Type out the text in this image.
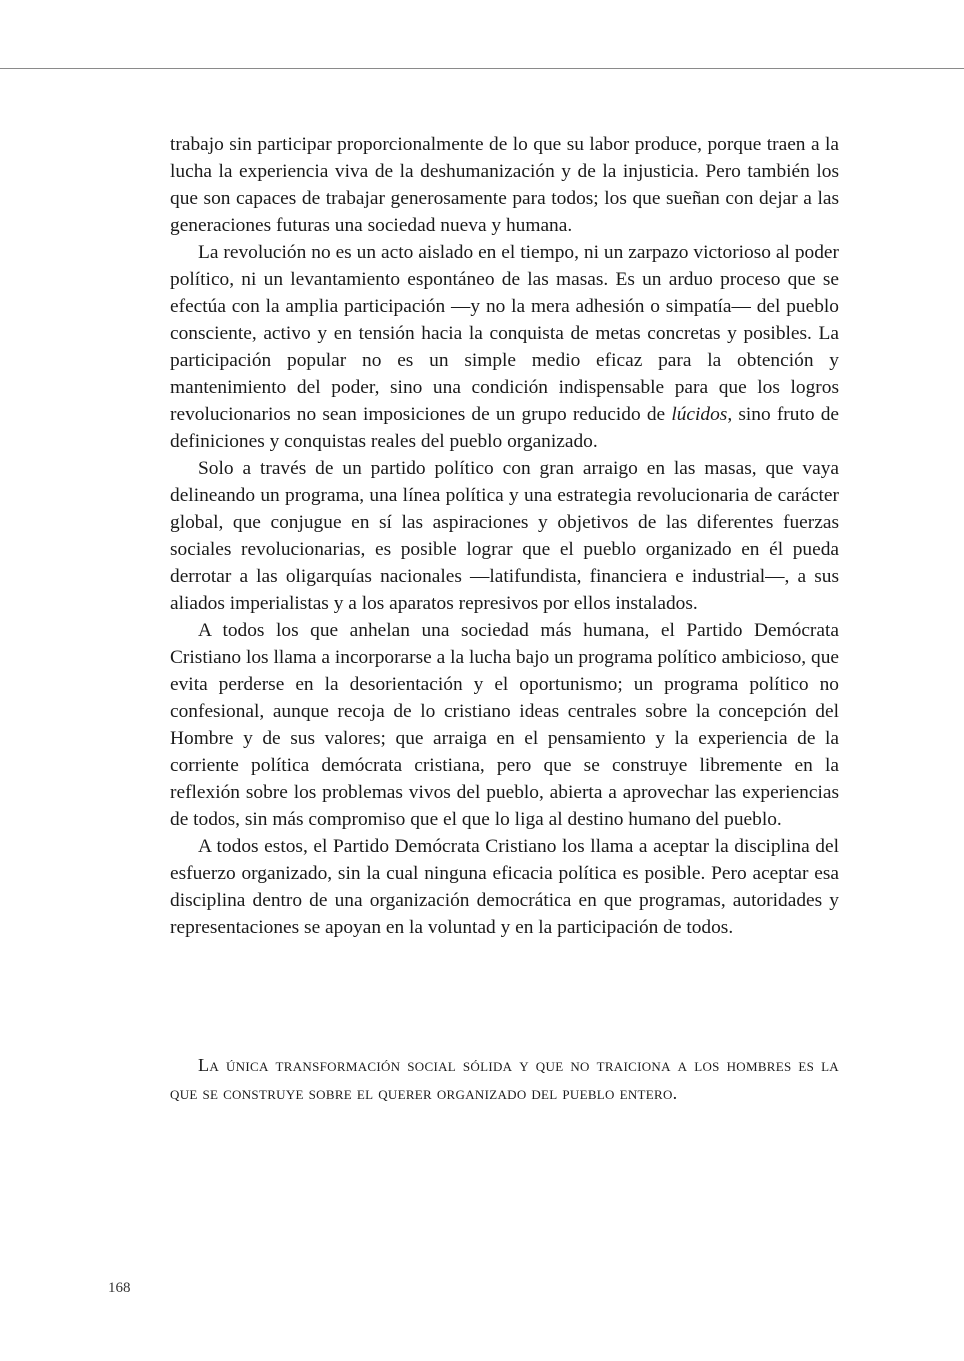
trabajo sin participar proporcionalmente de lo que su labor produce, porque traen a la lucha la experiencia viva de la deshumanización y de la injusticia. Pero también los que son capaces de trabajar generosamente para todos; los que sueñan con dejar a las generaciones futuras una sociedad nueva y humana.

La revolución no es un acto aislado en el tiempo, ni un zarpazo victorioso al poder político, ni un levantamiento espontáneo de las masas. Es un arduo proceso que se efectúa con la amplia participación —y no la mera adhesión o simpatía— del pueblo consciente, activo y en tensión hacia la conquista de metas concretas y posibles. La participación popular no es un simple medio eficaz para la obtención y mantenimiento del poder, sino una condición indispensable para que los logros revolucionarios no sean imposiciones de un grupo reducido de lúcidos, sino fruto de definiciones y conquistas reales del pueblo organizado.

Solo a través de un partido político con gran arraigo en las masas, que vaya delineando un programa, una línea política y una estrategia revolucionaria de carácter global, que conjugue en sí las aspiraciones y objetivos de las diferentes fuerzas sociales revolucionarias, es posible lograr que el pueblo organizado en él pueda derrotar a las oligarquías nacionales —latifundista, financiera e industrial—, a sus aliados imperialistas y a los aparatos represivos por ellos instalados.

A todos los que anhelan una sociedad más humana, el Partido Demócrata Cristiano los llama a incorporarse a la lucha bajo un programa político ambicioso, que evita perderse en la desorientación y el oportunismo; un programa político no confesional, aunque recoja de lo cristiano ideas centrales sobre la concepción del Hombre y de sus valores; que arraiga en el pensamiento y la experiencia de la corriente política demócrata cristiana, pero que se construye libremente en la reflexión sobre los problemas vivos del pueblo, abierta a aprovechar las experiencias de todos, sin más compromiso que el que lo liga al destino humano del pueblo.

A todos estos, el Partido Demócrata Cristiano los llama a aceptar la disciplina del esfuerzo organizado, sin la cual ninguna eficacia política es posible. Pero aceptar esa disciplina dentro de una organización democrática en que programas, autoridades y representaciones se apoyan en la voluntad y en la participación de todos.

La única transformación social sólida y que no traiciona a los hombres es la que se construye sobre el querer organizado del pueblo entero.

168
